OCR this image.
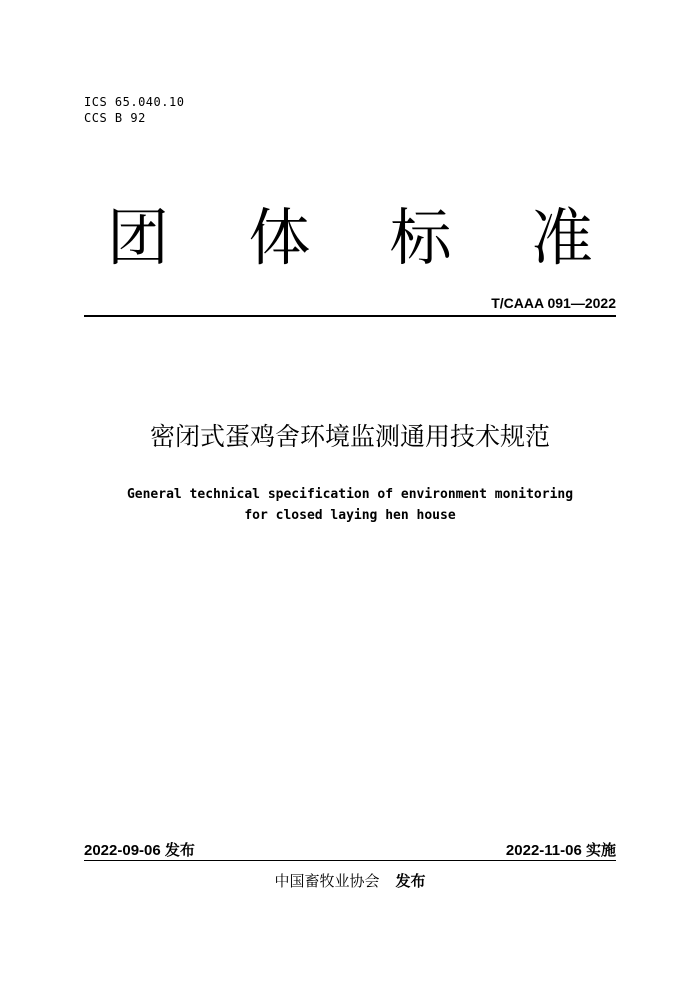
ICS 65.040.10
CCS B 92
团 体 标 准
T/CAAA 091—2022
密闭式蛋鸡舍环境监测通用技术规范
General technical specification of environment monitoring
for closed laying hen house
2022-09-06 发布	2022-11-06 实施
中国畜牧业协会 发布
